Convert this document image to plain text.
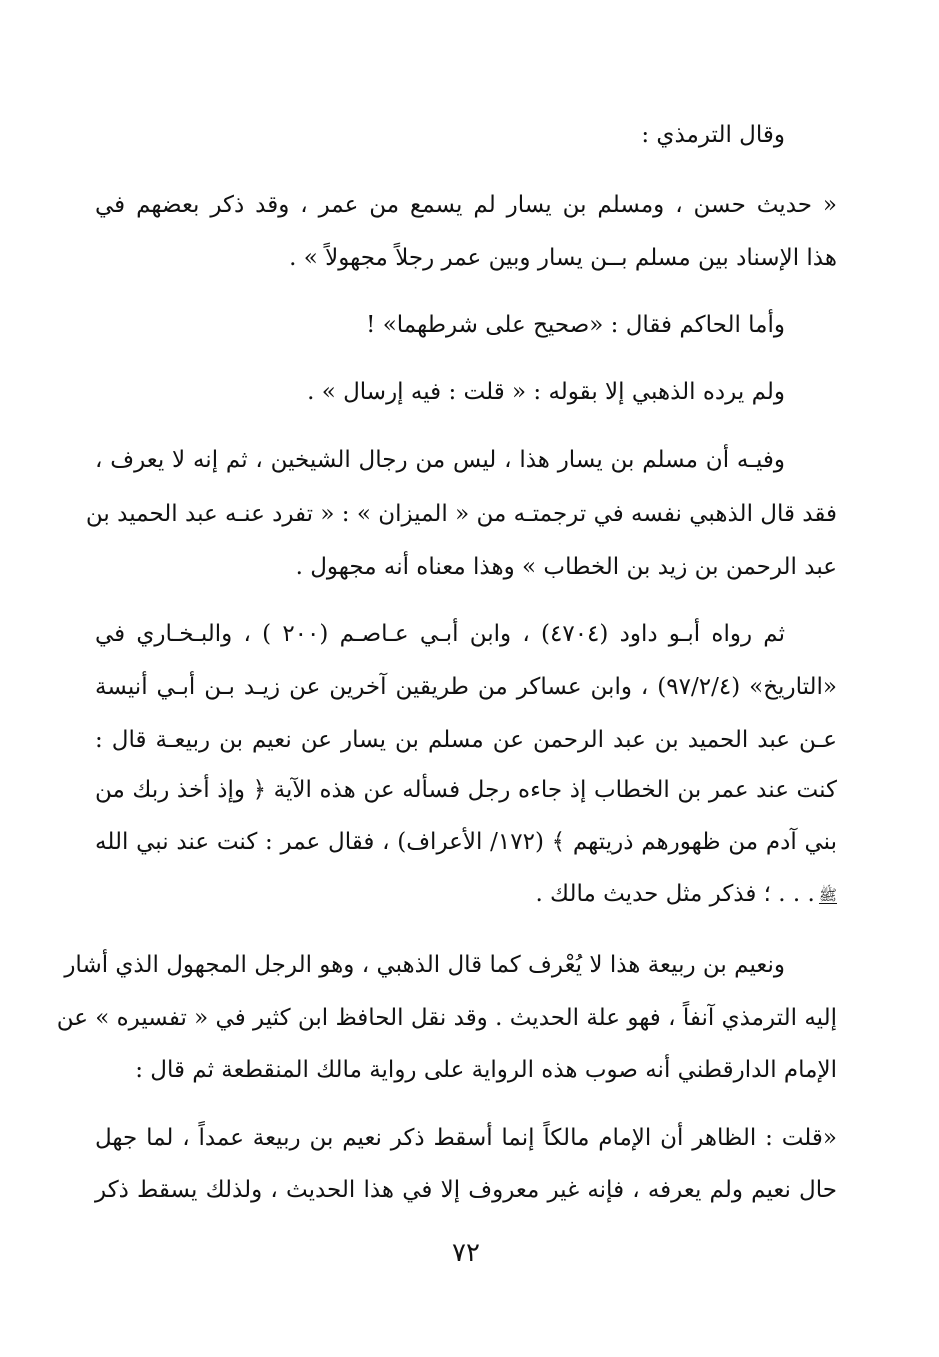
وقال الترمذي :
« حديث حسن ، ومسلم بن يسار لم يسمع من عمر ، وقد ذكر بعضهم في
هذا الإسناد بين مسلم بــن يسار وبين عمر رجلاً مجهولاً » .
وأما الحاكم فقال : «صحيح على شرطهما» !
ولم يرده الذهبي إلا بقوله : « قلت : فيه إرسال » .
وفيـه أن مسلم بن يسار هذا ، ليس من رجال الشيخين ، ثم إنه لا يعرف ،
فقد قال الذهبي نفسه في ترجمتـه من « الميزان » : « تفرد عنـه عبد الحميد بن
عبد الرحمن بن زيد بن الخطاب » وهذا معناه أنه مجهول .
ثم رواه أبـو داود (٤٧٠٤) ، وابن أبـي عـاصـم (٢٠٠ ) ، والبـخـاري في
«التاريخ» (٩٧/٢/٤) ، وابن عساكر من طريقين آخرين عن زيـد بـن أبـي أنيسة
عـن عبد الحميد بن عبد الرحمن عن مسلم بن يسار عن نعيم بن ربيعـة قال :
كنت عند عمر بن الخطاب إذ جاءه رجل فسأله عن هذه الآية ﴿ وإذ أخذ ربك من
بني آدم من ظهورهم ذريتهم ﴾ (١٧٢/ الأعراف) ، فقال عمر : كنت عند نبي الله
ﷺ. . . ؛ فذكر مثل حديث مالك .
ونعيم بن ربيعة هذا لا يُعْرف كما قال الذهبي ، وهو الرجل المجهول الذي أشار
إليه الترمذي آنفاً ، فهو علة الحديث . وقد نقل الحافظ ابن كثير في « تفسيره » عن
الإمام الدارقطني أنه صوب هذه الرواية على رواية مالك المنقطعة ثم قال :
«قلت : الظاهر أن الإمام مالكاً إنما أسقط ذكر نعيم بن ربيعة عمداً ، لما جهل
حال نعيم ولم يعرفه ، فإنه غير معروف إلا في هذا الحديث ، ولذلك يسقط ذكر
٧٢
